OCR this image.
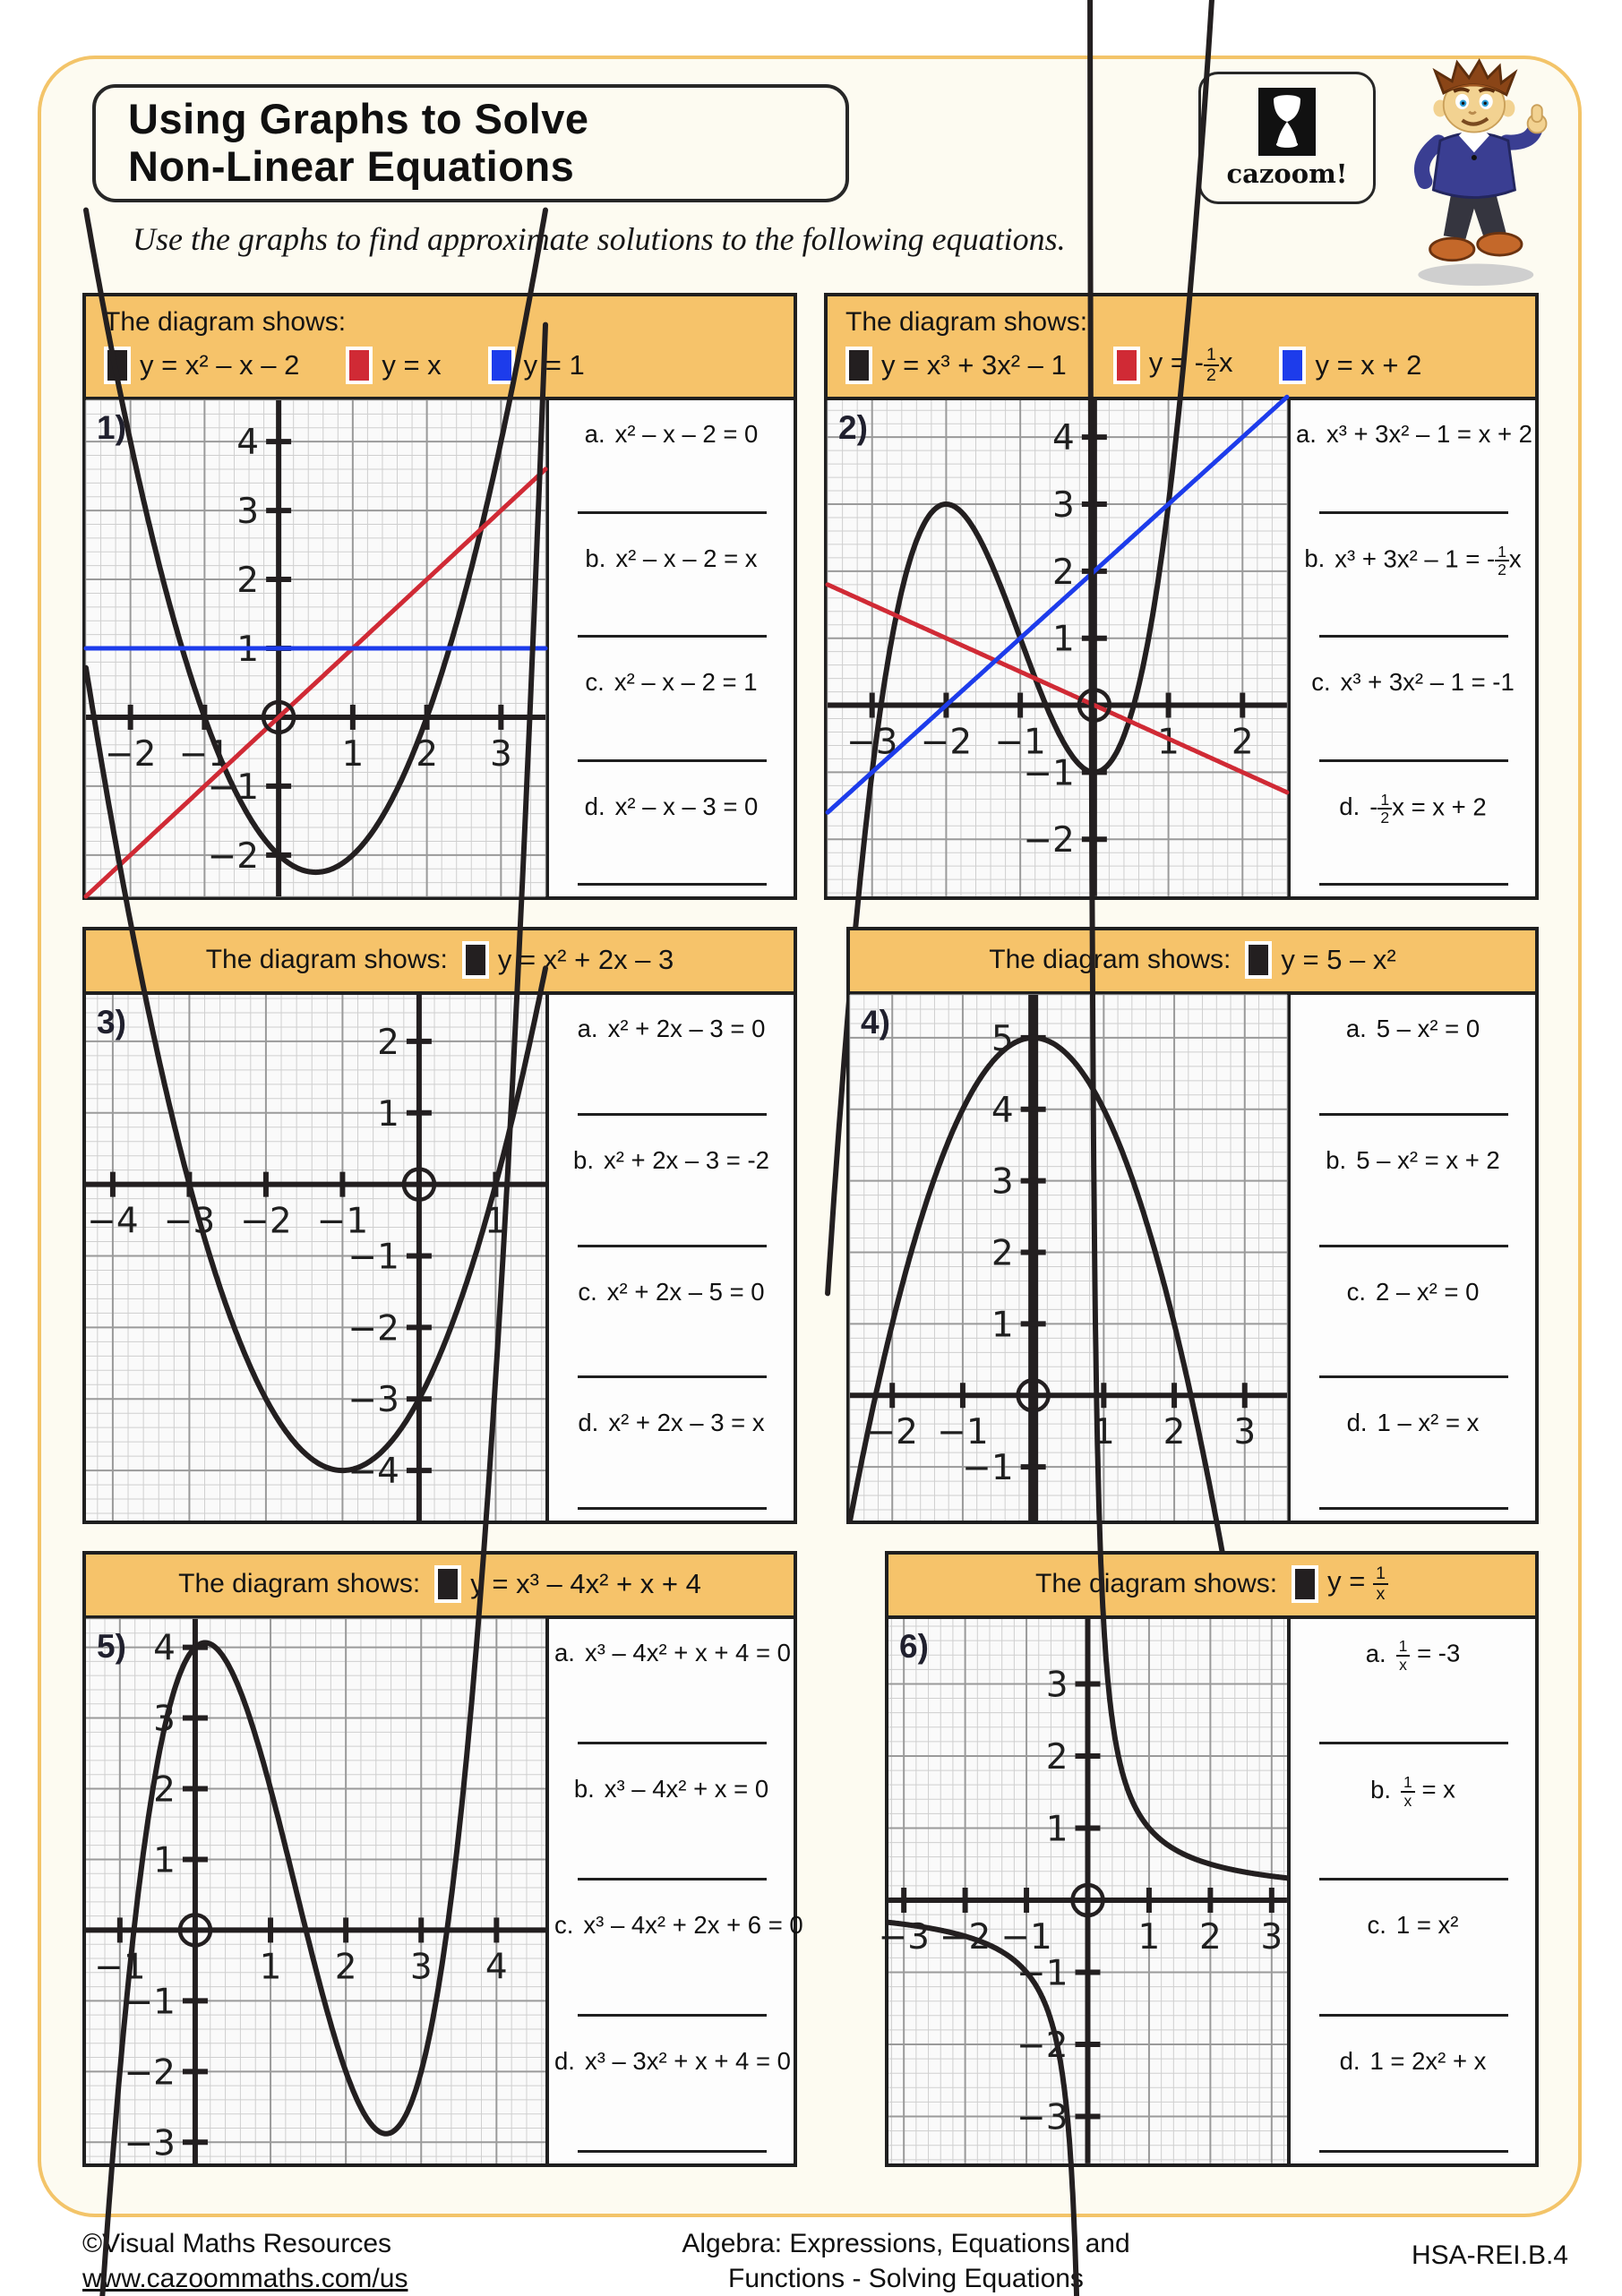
Using Graphs to Solve
Non-Linear Equations	cazoom!
Use the graphs to find approximate solutions to the following equations.
©Visual Maths Resources
www.cazoommaths.com/us
Algebra: Expressions, Equations, and
Functions - Solving Equations
HSA-REI.B.4
The diagram shows:
y = x² – x – 2	y = x	y = 1
−2 −1	1 2 3
−2
−1
1
2
3
4
1)	a. x² – x – 2 = 0
b. x² – x – 2 = x
c. x² – x – 2 = 1
d. x² – x – 3 = 0
The diagram shows:
y = x³ + 3x² – 1	y = - $\frac{1}{2}$ x	y = x + 2
−3 −2 −1	1 2
−2
−1
1
2
3
4
2)	a. x³ + 3x² – 1 = x + 2
b. x³ + 3x² – 1 = - $\frac{1}{2}$ x
c. x³ + 3x² – 1 = -1
d. - $\frac{1}{2}$ x = x + 2
The diagram shows: y = x² + 2x – 3
−4 −3 −2 −1	1
−4
−3
−2
−1
1
2
3)	a. x² + 2x – 3 = 0
b. x² + 2x – 3 = -2
c. x² + 2x – 5 = 0
d. x² + 2x – 3 = x
The diagram shows: y = 5 – x²
−2 −1	1 2 3
−1
1
2
3
4
5
4)	a. 5 – x² = 0
b. 5 – x² = x + 2
c. 2 – x² = 0
d. 1 – x² = x
The diagram shows: y = x³ – 4x² + x + 4
−1	1 2 3 4
−3
−2
−1
1
2
3
4
5)	a. x³ – 4x² + x + 4 = 0
b. x³ – 4x² + x = 0
c. x³ – 4x² + 2x + 6 = 0
d. x³ – 3x² + x + 4 = 0
The diagram shows: $y = \frac{1}{x}$
−3 −2 −1 1 2 3
−3
−2
−1
1
2
3
6)	a. $\frac{1}{x} = -3$
b. $\frac{1}{x} = x$
c. 1 = x²
d. 1 = 2x² + x
